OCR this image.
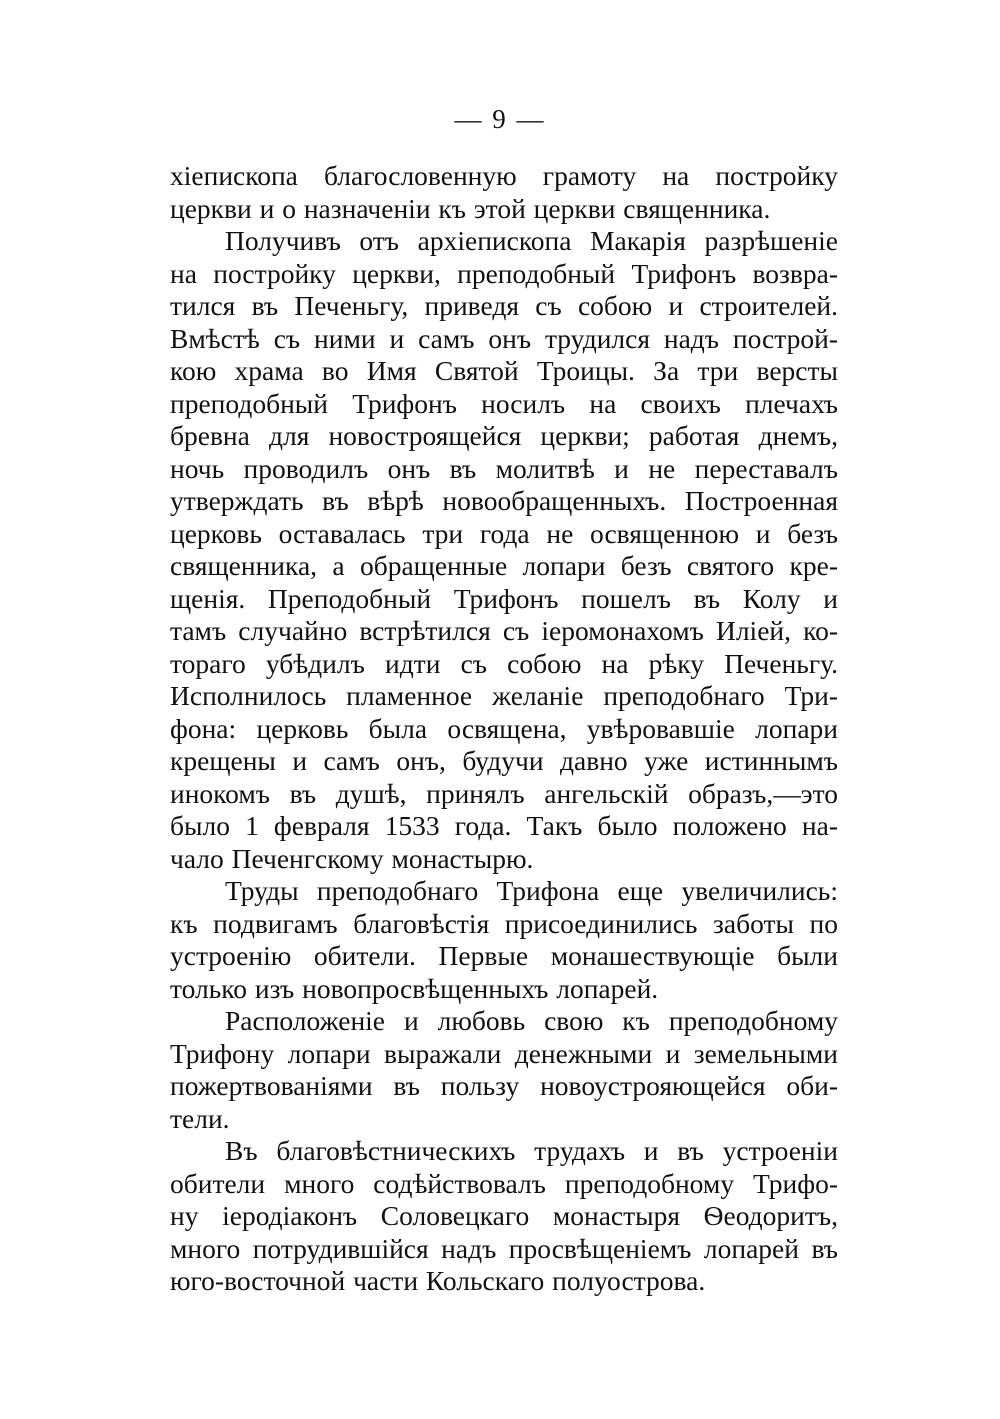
— 9 —
хіепископа благословенную грамоту на постройку
церкви и о назначеніи къ этой церкви священника.
Получивъ отъ архіепископа Макарія разрѣшеніе
на постройку церкви, преподобный Трифонъ возвра-
тился въ Печеньгу, приведя съ собою и строителей.
Вмѣстѣ съ ними и самъ онъ трудился надъ построй-
кою храма во Имя Святой Троицы. За три версты
преподобный Трифонъ носилъ на своихъ плечахъ
бревна для новостроящейся церкви; работая днемъ,
ночь проводилъ онъ въ молитвѣ и не переставалъ
утверждать въ вѣрѣ новообращенныхъ. Построенная
церковь оставалась три года не освященною и безъ
священника, а обращенные лопари безъ святого кре-
щенія. Преподобный Трифонъ пошелъ въ Колу и
тамъ случайно встрѣтился съ іеромонахомъ Иліей, ко-
тораго убѣдилъ идти съ собою на рѣку Печеньгу.
Исполнилось пламенное желаніе преподобнаго Три-
фона: церковь была освящена, увѣровавшіе лопари
крещены и самъ онъ, будучи давно уже истиннымъ
инокомъ въ душѣ, принялъ ангельскій образъ,—это
было 1 февраля 1533 года. Такъ было положено на-
чало Печенгскому монастырю.
Труды преподобнаго Трифона еще увеличились:
къ подвигамъ благовѣстія присоединились заботы по
устроенію обители. Первые монашествующіе были
только изъ новопросвѣщенныхъ лопарей.
Расположеніе и любовь свою къ преподобному
Трифону лопари выражали денежными и земельными
пожертвованіями въ пользу новоустрояющейся оби-
тели.
Въ благовѣстническихъ трудахъ и въ устроеніи
обители много содѣйствовалъ преподобному Трифо-
ну іеродіаконъ Соловецкаго монастыря Ѳеодоритъ,
много потрудившійся надъ просвѣщеніемъ лопарей въ
юго-восточной части Кольскаго полуострова.
